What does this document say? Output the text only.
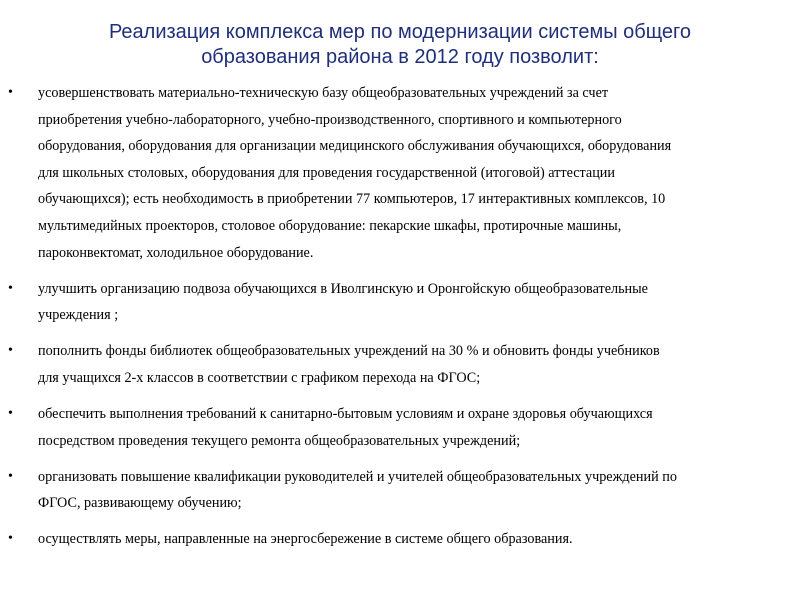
Реализация комплекса мер по модернизации системы общего
образования района в 2012 году позволит:
• усовершенствовать материально-техническую базу общеобразовательных учреждений за счет
приобретения учебно-лабораторного, учебно-производственного, спортивного и компьютерного
оборудования, оборудования для организации медицинского обслуживания обучающихся, оборудования
для школьных столовых, оборудования для проведения государственной (итоговой) аттестации
обучающихся); есть необходимость в приобретении 77 компьютеров, 17 интерактивных комплексов, 10
мультимедийных проекторов, столовое оборудование: пекарские шкафы, протирочные машины,
пароконвектомат, холодильное оборудование.
• улучшить организацию подвоза обучающихся в Иволгинскую и Оронгойскую общеобразовательные
учреждения ;
• пополнить фонды библиотек общеобразовательных учреждений на 30 % и обновить фонды учебников
для учащихся 2-х классов в соответствии с графиком перехода на ФГОС;
• обеспечить выполнения требований к санитарно-бытовым условиям и охране здоровья обучающихся
посредством проведения текущего ремонта общеобразовательных учреждений;
• организовать повышение квалификации руководителей и учителей общеобразовательных учреждений по
ФГОС, развивающему обучению;
• осуществлять меры, направленные на энергосбережение в системе общего образования.
